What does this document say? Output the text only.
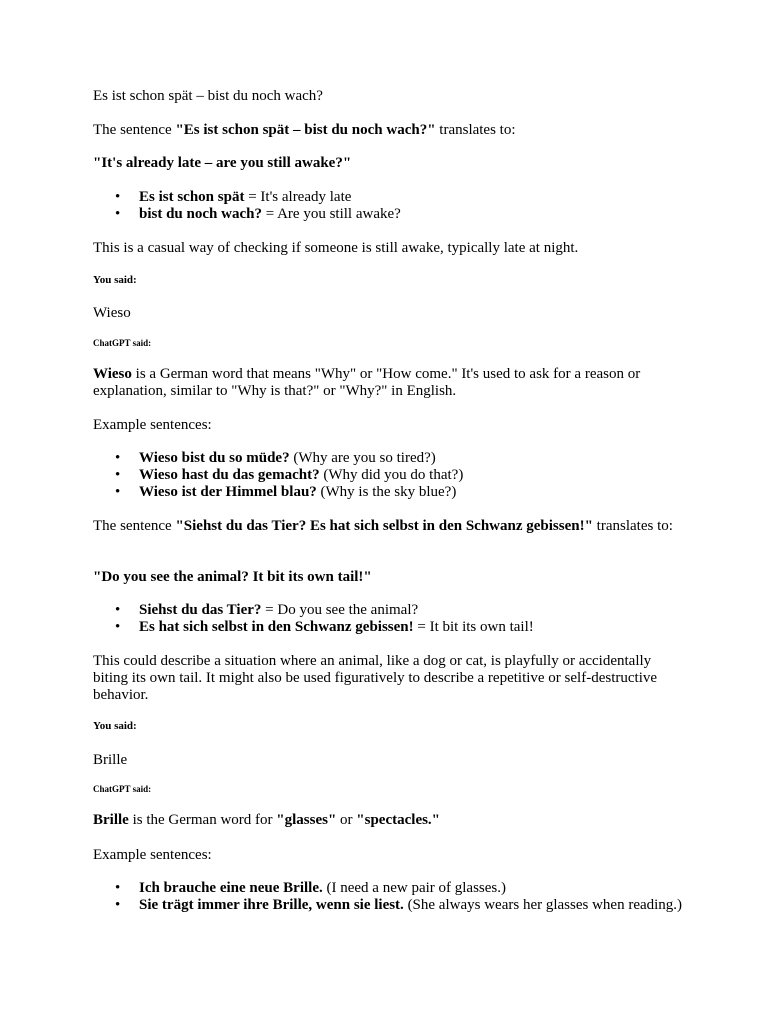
Es ist schon spät – bist du noch wach?

The sentence "Es ist schon spät – bist du noch wach?" translates to:

"It's already late – are you still awake?"

• Es ist schon spät = It's already late
• bist du noch wach? = Are you still awake?

This is a casual way of checking if someone is still awake, typically late at night.

You said:

Wieso

ChatGPT said:

Wieso is a German word that means "Why" or "How come." It's used to ask for a reason or explanation, similar to "Why is that?" or "Why?" in English.

Example sentences:

• Wieso bist du so müde? (Why are you so tired?)
• Wieso hast du das gemacht? (Why did you do that?)
• Wieso ist der Himmel blau? (Why is the sky blue?)

The sentence "Siehst du das Tier? Es hat sich selbst in den Schwanz gebissen!" translates to:

"Do you see the animal? It bit its own tail!"

• Siehst du das Tier? = Do you see the animal?
• Es hat sich selbst in den Schwanz gebissen! = It bit its own tail!

This could describe a situation where an animal, like a dog or cat, is playfully or accidentally biting its own tail. It might also be used figuratively to describe a repetitive or self-destructive behavior.

You said:

Brille

ChatGPT said:

Brille is the German word for "glasses" or "spectacles."

Example sentences:

• Ich brauche eine neue Brille. (I need a new pair of glasses.)
• Sie trägt immer ihre Brille, wenn sie liest. (She always wears her glasses when reading.)
